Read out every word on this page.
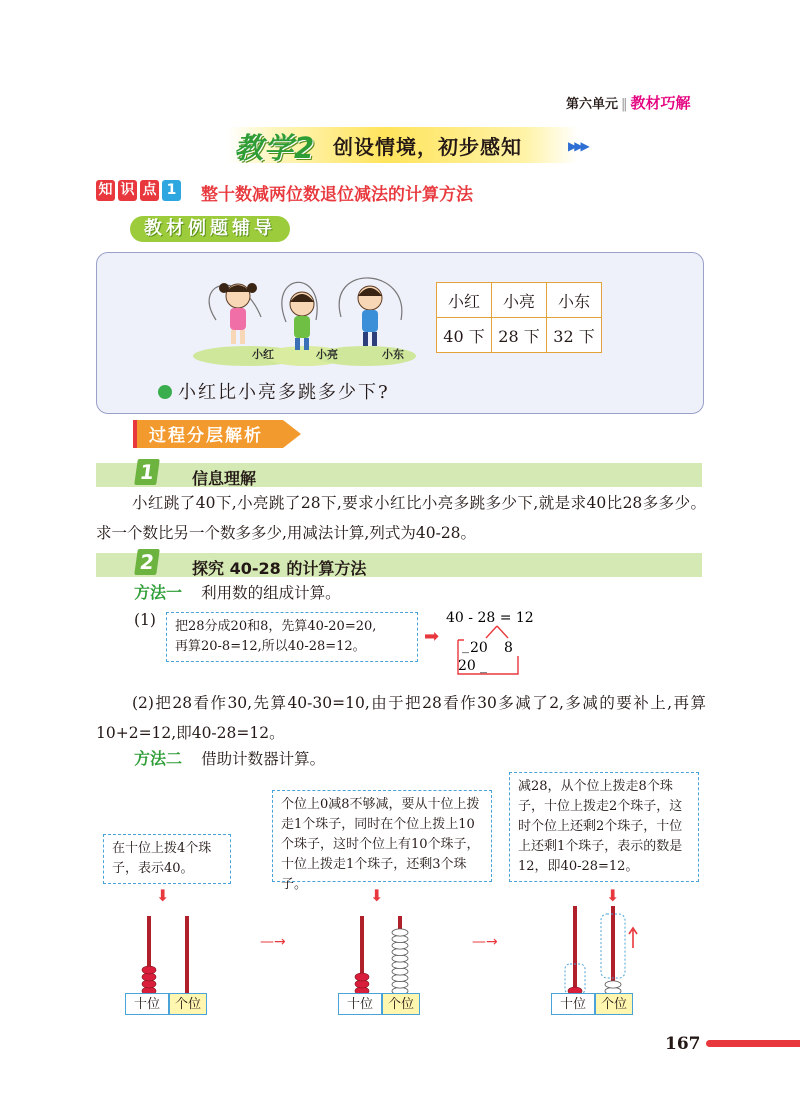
第六单元 ‖ 教材巧解
教学2 创设情境，初步感知	▶▶▶
知 识 点 1 整十数减两位数退位减法的计算方法
教材例题辅导
小红	小亮	小东
小红	小亮	小东
40 下	28 下	32 下
小红比小亮多跳多少下?
过程分层解析
1 信息理解
小红跳了40下,小亮跳了28下,要求小红比小亮多跳多少下,就是求40比28多多少。求一个数比另一个数多多少,用减法计算,列式为40-28。
2 探究 40-28 的计算方法
方法一 利用数的组成计算。
(1) 把28分成20和8，先算40-20=20,
再算20-8=12,所以40-28=12。	➡
40 - 28 = 12
20
_	8
20 _
(2)把28看作30,先算40-30=10,由于把28看作30多减了2,多减的要补上,再算10+2=12,即40-28=12。
方法二 借助计数器计算。
在十位上拨4个珠子，表示40。
个位上0减8不够减，要从十位上拨走1个珠子，同时在个位上拨上10个珠子，这时个位上有10个珠子，十位上拨走1个珠子，还剩3个珠子。
减28，从个位上拨走8个珠子，十位上拨走2个珠子，这时个位上还剩2个珠子，十位上还剩1个珠子，表示的数是12，即40-28=12。
⬇
十位	个位
—→
⬇
十位	个位
—→
⬇
十位	个位
167
